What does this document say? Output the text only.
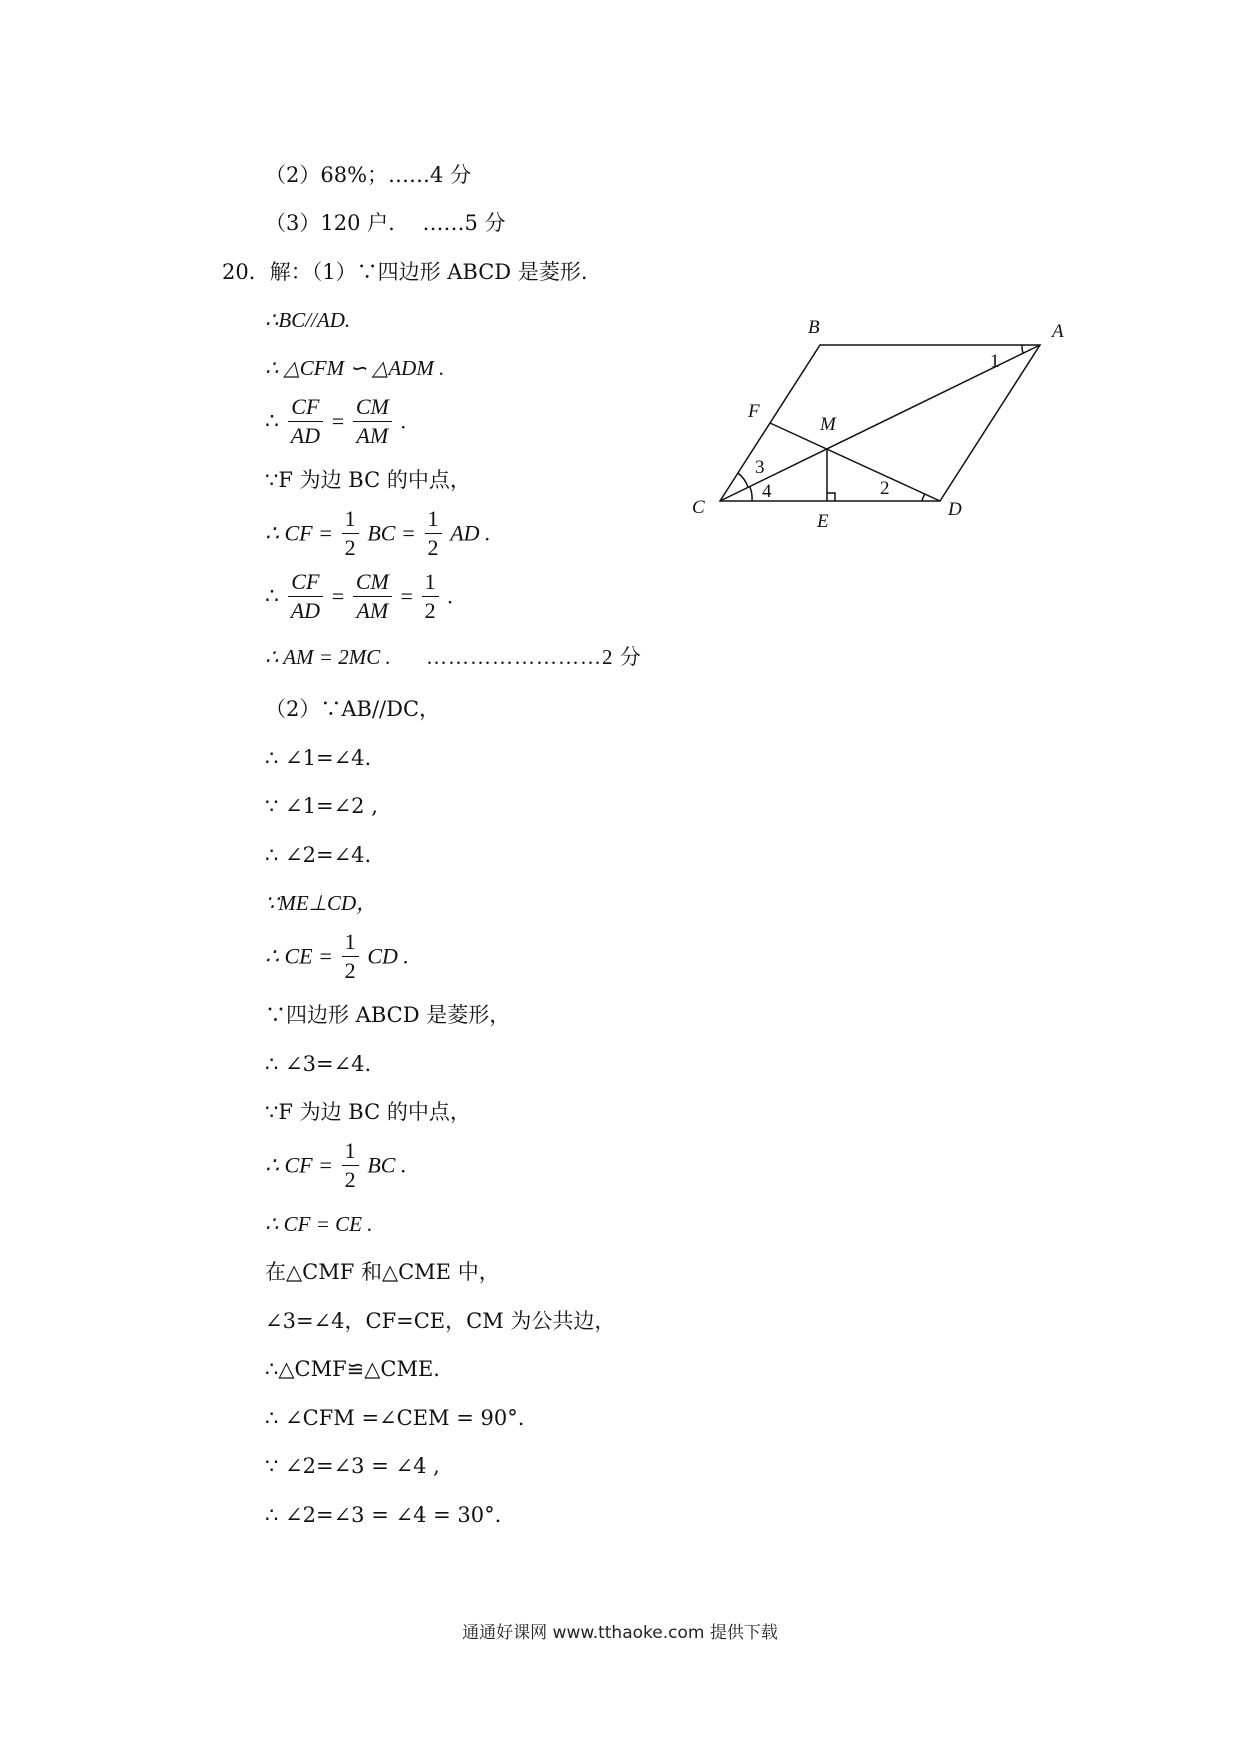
（2）68%；……4 分
（3）120 户.　 ……5 分
20．解：（1）∵四边形 ABCD 是菱形.
∴BC//AD.
∴ △CFM ∽ △ADM .
∴ $\frac{CF}{AD} = \frac{CM}{AM}$ .
∵F 为边 BC 的中点，
∴ CF = $\frac{1}{2}$ BC = $\frac{1}{2}$ AD .
∴ $\frac{CF}{AD} = \frac{CM}{AM} = \frac{1}{2}$ .
∴ AM = 2MC . ……………………2 分
（2）∵AB//DC，
∴ ∠1=∠4.
∵ ∠1=∠2 ,
∴ ∠2=∠4.
∵ME⊥CD，
∴ CE = $\frac{1}{2}$ CD .
∵四边形 ABCD 是菱形，
∴ ∠3=∠4.
∵F 为边 BC 的中点，
∴ CF = $\frac{1}{2}$ BC .
∴ CF = CE .
在△CMF 和△CME 中，
∠3=∠4，CF=CE，CM 为公共边，
∴△CMF≌△CME.
∴ ∠CFM =∠CEM = 90°.
∵ ∠2=∠3 = ∠4 ,
∴ ∠2=∠3 = ∠4 = 30°.
B	A
C	D
E
F
M
1
2
3
4
通通好课网 www.tthaoke.com 提供下载
